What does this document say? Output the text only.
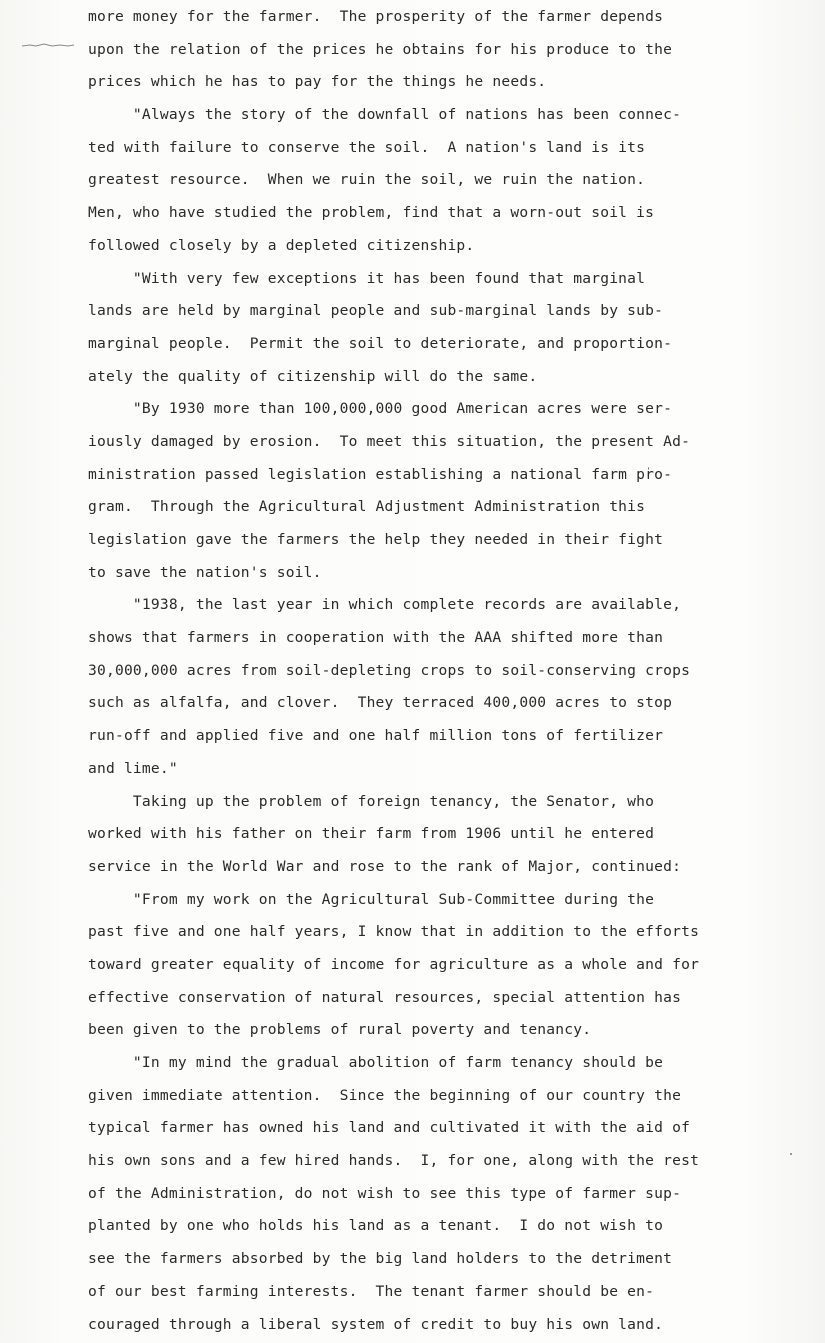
more money for the farmer.  The prosperity of the farmer depends
upon the relation of the prices he obtains for his produce to the
prices which he has to pay for the things he needs.
"Always the story of the downfall of nations has been connec-
ted with failure to conserve the soil.  A nation's land is its
greatest resource.  When we ruin the soil, we ruin the nation.
Men, who have studied the problem, find that a worn-out soil is
followed closely by a depleted citizenship.
"With very few exceptions it has been found that marginal
lands are held by marginal people and sub-marginal lands by sub-
marginal people.  Permit the soil to deteriorate, and proportion-
ately the quality of citizenship will do the same.
"By 1930 more than 100,000,000 good American acres were ser-
iously damaged by erosion.  To meet this situation, the present Ad-
ministration passed legislation establishing a national farm pro-
gram.  Through the Agricultural Adjustment Administration this
legislation gave the farmers the help they needed in their fight
to save the nation's soil.
"1938, the last year in which complete records are available,
shows that farmers in cooperation with the AAA shifted more than
30,000,000 acres from soil-depleting crops to soil-conserving crops
such as alfalfa, and clover.  They terraced 400,000 acres to stop
run-off and applied five and one half million tons of fertilizer
and lime."
Taking up the problem of foreign tenancy, the Senator, who
worked with his father on their farm from 1906 until he entered
service in the World War and rose to the rank of Major, continued:
"From my work on the Agricultural Sub-Committee during the
past five and one half years, I know that in addition to the efforts
toward greater equality of income for agriculture as a whole and for
effective conservation of natural resources, special attention has
been given to the problems of rural poverty and tenancy.
"In my mind the gradual abolition of farm tenancy should be
given immediate attention.  Since the beginning of our country the
typical farmer has owned his land and cultivated it with the aid of
his own sons and a few hired hands.  I, for one, along with the rest
of the Administration, do not wish to see this type of farmer sup-
planted by one who holds his land as a tenant.  I do not wish to
see the farmers absorbed by the big land holders to the detriment
of our best farming interests.  The tenant farmer should be en-
couraged through a liberal system of credit to buy his own land.
